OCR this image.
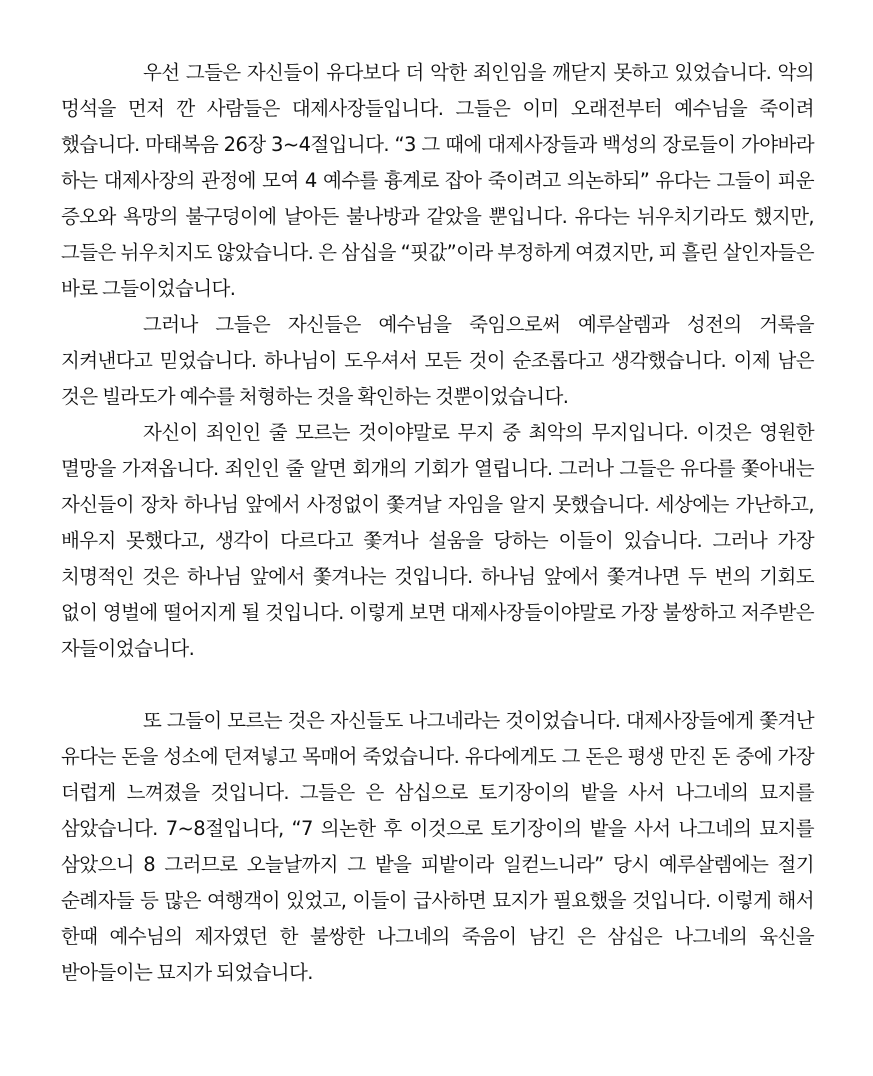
우선 그들은 자신들이 유다보다 더 악한 죄인임을 깨닫지 못하고 있었습니다. 악의 멍석을 먼저 깐 사람들은 대제사장들입니다. 그들은 이미 오래전부터 예수님을 죽이려 했습니다. 마태복음 26장 3~4절입니다. “3 그 때에 대제사장들과 백성의 장로들이 가야바라 하는 대제사장의 관정에 모여 4 예수를 흉계로 잡아 죽이려고 의논하되” 유다는 그들이 피운 증오와 욕망의 불구덩이에 날아든 불나방과 같았을 뿐입니다. 유다는 뉘우치기라도 했지만, 그들은 뉘우치지도 않았습니다. 은 삼십을 “핏값”이라 부정하게 여겼지만, 피 흘린 살인자들은 바로 그들이었습니다.

그러나 그들은 자신들은 예수님을 죽임으로써 예루살렘과 성전의 거룩을 지켜낸다고 믿었습니다. 하나님이 도우셔서 모든 것이 순조롭다고 생각했습니다. 이제 남은 것은 빌라도가 예수를 처형하는 것을 확인하는 것뿐이었습니다.

자신이 죄인인 줄 모르는 것이야말로 무지 중 최악의 무지입니다. 이것은 영원한 멸망을 가져옵니다. 죄인인 줄 알면 회개의 기회가 열립니다. 그러나 그들은 유다를 쫓아내는 자신들이 장차 하나님 앞에서 사정없이 쫓겨날 자임을 알지 못했습니다. 세상에는 가난하고, 배우지 못했다고, 생각이 다르다고 쫓겨나 설움을 당하는 이들이 있습니다. 그러나 가장 치명적인 것은 하나님 앞에서 쫓겨나는 것입니다. 하나님 앞에서 쫓겨나면 두 번의 기회도 없이 영벌에 떨어지게 될 것입니다. 이렇게 보면 대제사장들이야말로 가장 불쌍하고 저주받은 자들이었습니다.

또 그들이 모르는 것은 자신들도 나그네라는 것이었습니다. 대제사장들에게 쫓겨난 유다는 돈을 성소에 던져넣고 목매어 죽었습니다. 유다에게도 그 돈은 평생 만진 돈 중에 가장 더럽게 느껴졌을 것입니다. 그들은 은 삼십으로 토기장이의 밭을 사서 나그네의 묘지를 삼았습니다. 7~8절입니다, “7 의논한 후 이것으로 토기장이의 밭을 사서 나그네의 묘지를 삼았으니 8 그러므로 오늘날까지 그 밭을 피밭이라 일컫느니라” 당시 예루살렘에는 절기 순례자들 등 많은 여행객이 있었고, 이들이 급사하면 묘지가 필요했을 것입니다. 이렇게 해서 한때 예수님의 제자였던 한 불쌍한 나그네의 죽음이 남긴 은 삼십은 나그네의 육신을 받아들이는 묘지가 되었습니다.
